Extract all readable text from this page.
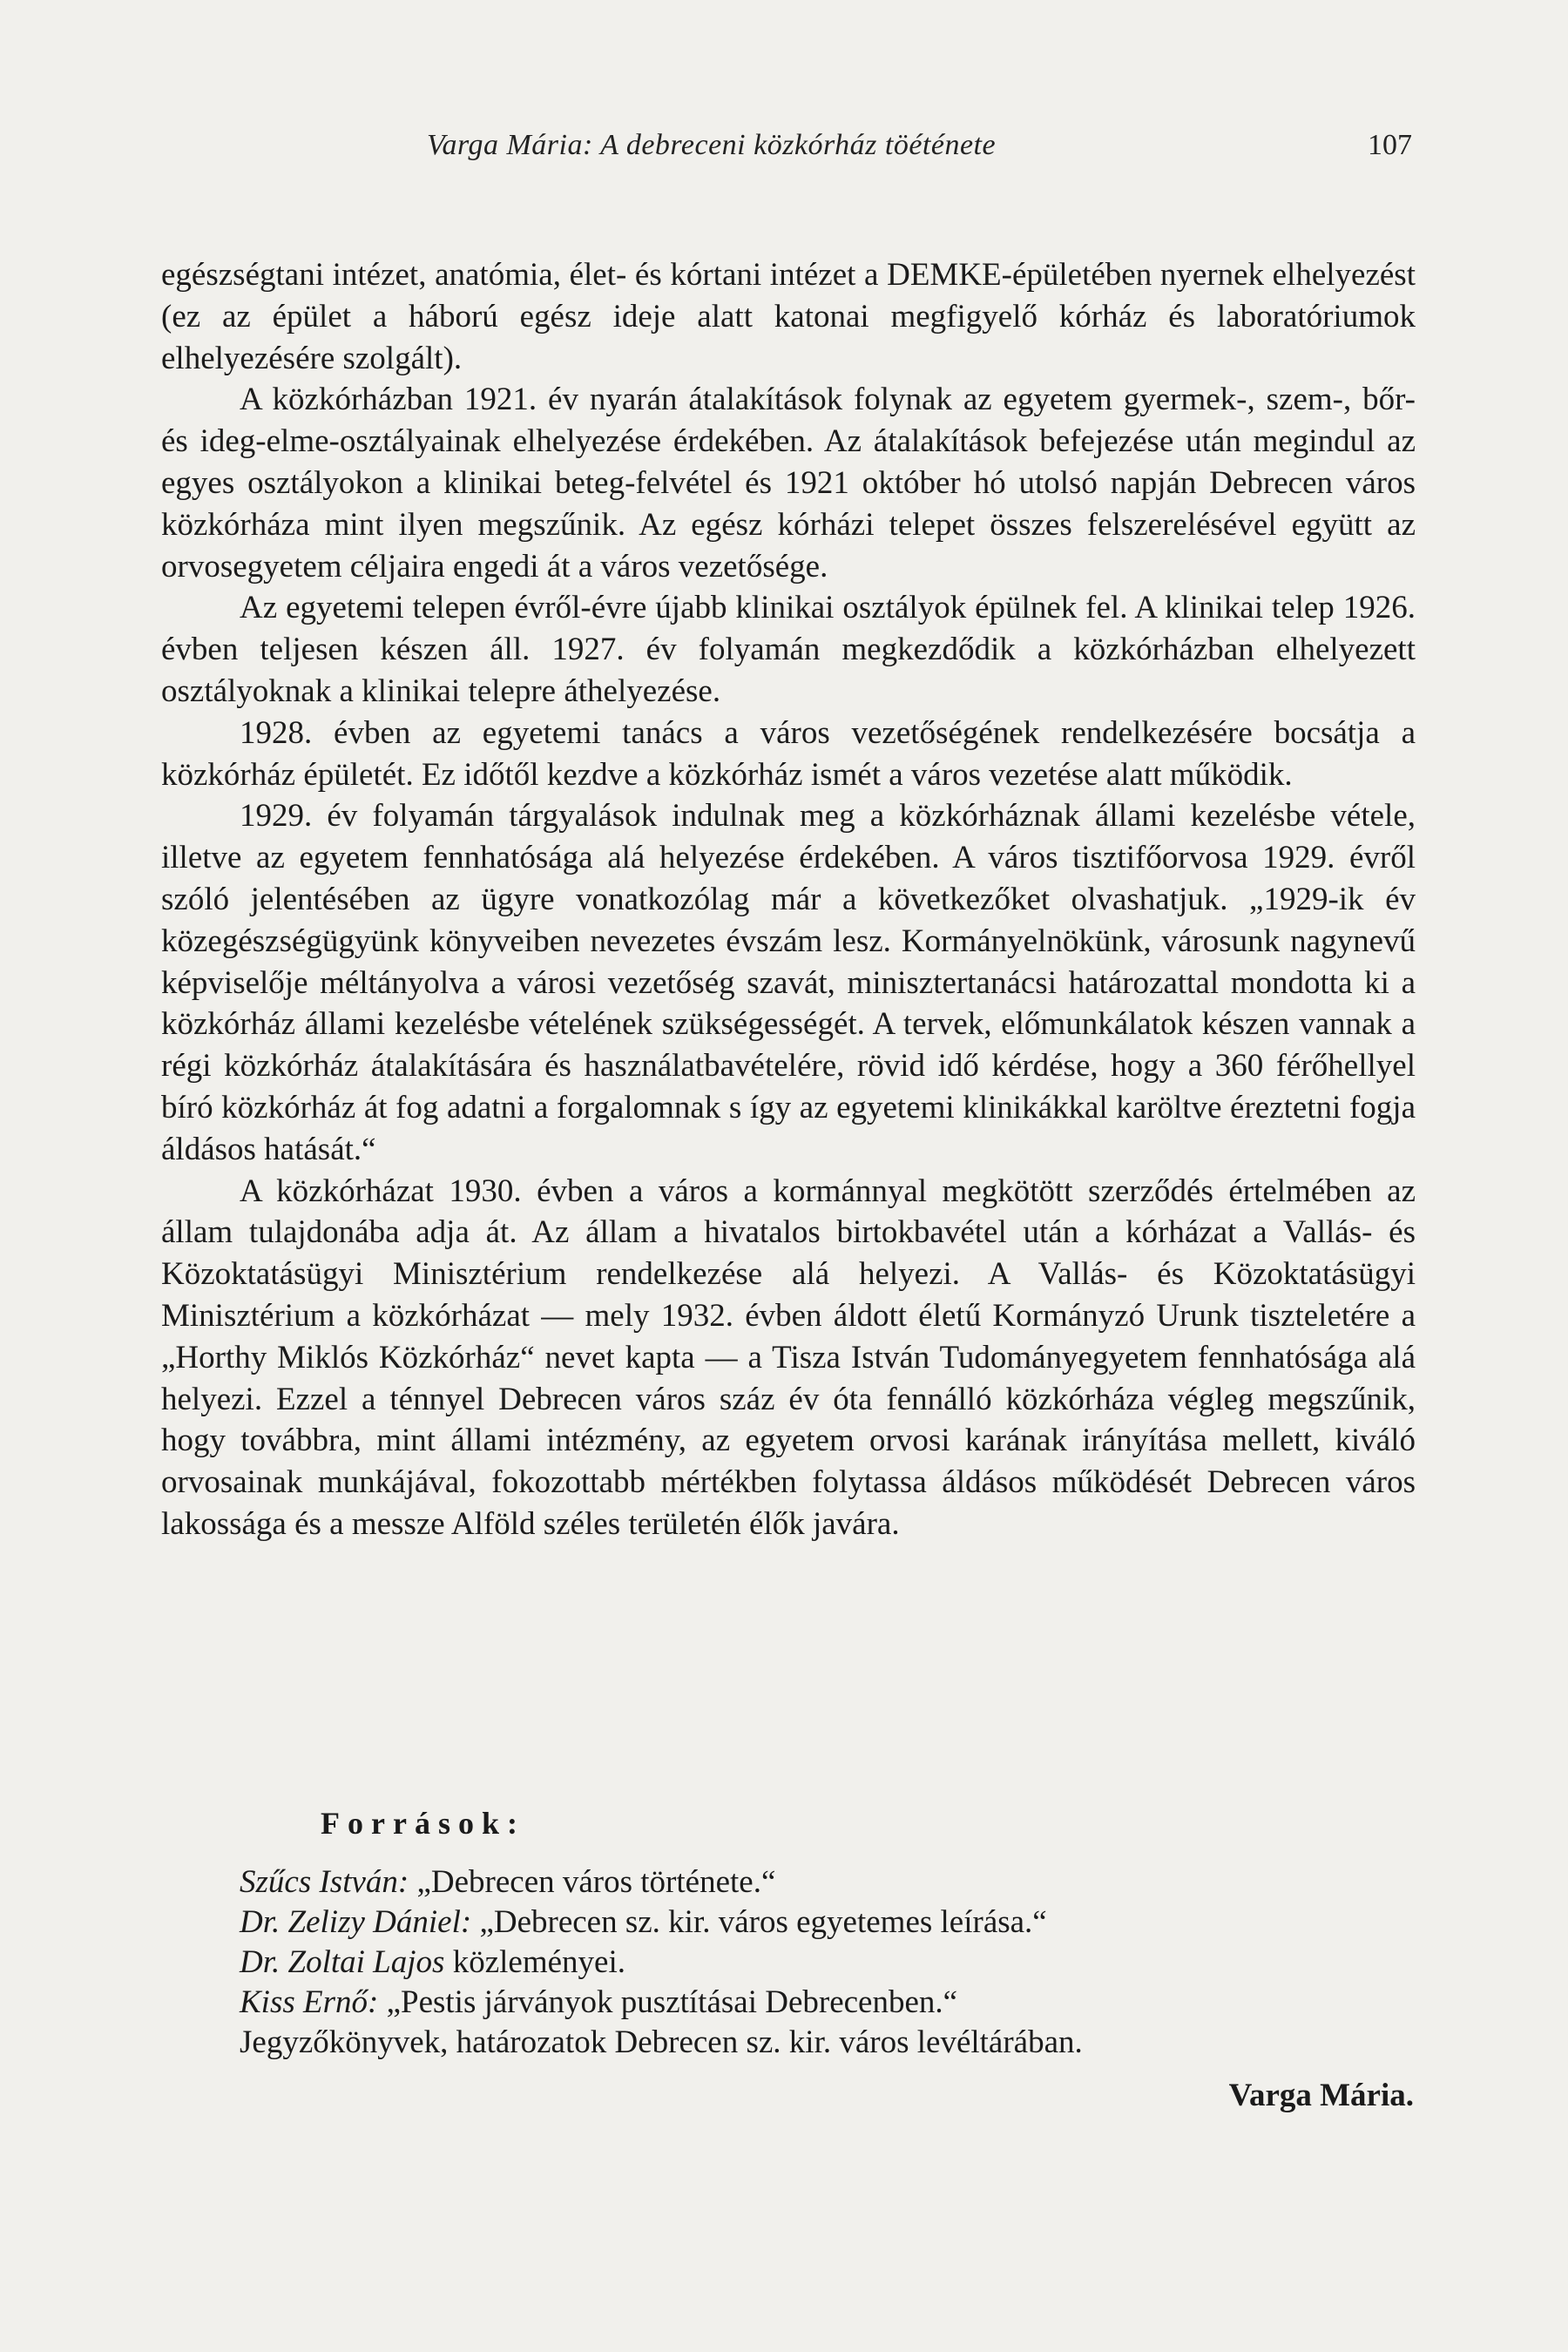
Varga Mária: A debreceni közkórház töéténete	107

egészségtani intézet, anatómia, élet- és kórtani intézet a DEMKE-épületében nyernek elhelyezést (ez az épület a háború egész ideje alatt katonai megfigyelő kórház és laboratóriumok elhelyezésére szolgált).

A közkórházban 1921. év nyarán átalakítások folynak az egyetem gyermek-, szem-, bőr- és ideg-elme-osztályainak elhelyezése érdekében. Az átalakítások befejezése után megindul az egyes osztályokon a klinikai beteg-felvétel és 1921 október hó utolsó napján Debrecen város közkórháza mint ilyen megszűnik. Az egész kórházi telepet összes felszerelésével együtt az orvosegyetem céljaira engedi át a város vezetősége.

Az egyetemi telepen évről-évre újabb klinikai osztályok épülnek fel. A klinikai telep 1926. évben teljesen készen áll. 1927. év folyamán megkezdődik a közkórházban elhelyezett osztályoknak a klinikai telepre áthelyezése.

1928. évben az egyetemi tanács a város vezetőségének rendelkezésére bocsátja a közkórház épületét. Ez időtől kezdve a közkórház ismét a város vezetése alatt működik.

1929. év folyamán tárgyalások indulnak meg a közkórháznak állami kezelésbe vétele, illetve az egyetem fennhatósága alá helyezése érdekében. A város tisztifőorvosa 1929. évről szóló jelentésében az ügyre vonatkozólag már a következőket olvashatjuk. „1929-ik év közegészségügyünk könyveiben nevezetes évszám lesz. Kormányelnökünk, városunk nagynevű képviselője méltányolva a városi vezetőség szavát, minisztertanácsi határozattal mondotta ki a közkórház állami kezelésbe vételének szükségességét. A tervek, előmunkálatok készen vannak a régi közkórház átalakítására és használatbavételére, rövid idő kérdése, hogy a 360 férőhellyel bíró közkórház át fog adatni a forgalomnak s így az egyetemi klinikákkal karöltve éreztetni fogja áldásos hatását.“

A közkórházat 1930. évben a város a kormánnyal megkötött szerződés értelmében az állam tulajdonába adja át. Az állam a hivatalos birtokbavétel után a kórházat a Vallás- és Közoktatásügyi Minisztérium rendelkezése alá helyezi. A Vallás- és Közoktatásügyi Minisztérium a közkórházat — mely 1932. évben áldott életű Kormányzó Urunk tiszteletére a „Horthy Miklós Közkórház“ nevet kapta — a Tisza István Tudományegyetem fennhatósága alá helyezi. Ezzel a ténnyel Debrecen város száz év óta fennálló közkórháza végleg megszűnik, hogy továbbra, mint állami intézmény, az egyetem orvosi karának irányítása mellett, kiváló orvosainak munkájával, fokozottabb mértékben folytassa áldásos működését Debrecen város lakossága és a messze Alföld széles területén élők javára.

Források:
Szűcs István: „Debrecen város története.“
Dr. Zelizy Dániel: „Debrecen sz. kir. város egyetemes leírása.“
Dr. Zoltai Lajos közleményei.
Kiss Ernő: „Pestis járványok pusztításai Debrecenben.“
Jegyzőkönyvek, határozatok Debrecen sz. kir. város levéltárában.
Varga Mária.
